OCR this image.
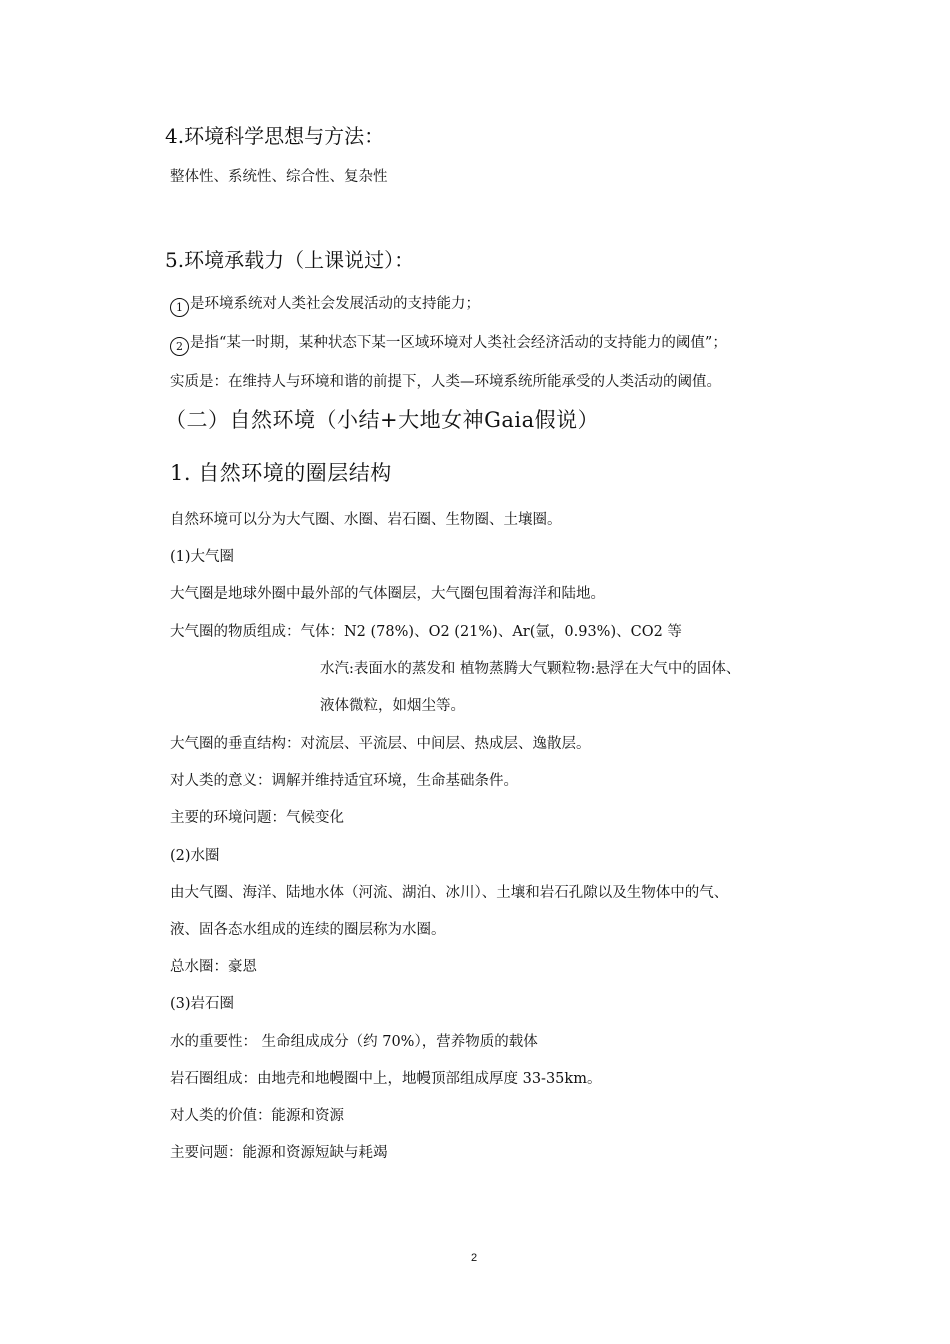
4.环境科学思想与方法：
整体性、系统性、综合性、复杂性
5.环境承载力（上课说过）：
1 是环境系统对人类社会发展活动的支持能力；
2 是指“某一时期，某种状态下某一区域环境对人类社会经济活动的支持能力的阈值”；
实质是：在维持人与环境和谐的前提下，人类—环境系统所能承受的人类活动的阈值。
（二）自然环境（小结+大地女神Gaia假说）
1. 自然环境的圈层结构
自然环境可以分为大气圈、水圈、岩石圈、生物圈、土壤圈。
(1)大气圈
大气圈是地球外圈中最外部的气体圈层，大气圈包围着海洋和陆地。
大气圈的物质组成：气体：N2 (78%)、O2 (21%)、Ar(氩，0.93%)、CO2 等
水汽:表面水的蒸发和 植物蒸腾大气颗粒物:悬浮在大气中的固体、
液体微粒，如烟尘等。
大气圈的垂直结构：对流层、平流层、中间层、热成层、逸散层。
对人类的意义：调解并维持适宜环境，生命基础条件。
主要的环境问题：气候变化
(2)水圈
由大气圈、海洋、陆地水体（河流、湖泊、冰川）、土壤和岩石孔隙以及生物体中的气、
液、固各态水组成的连续的圈层称为水圈。
总水圈：豪恩
(3)岩石圈
水的重要性： 生命组成成分（约 70%），营养物质的载体
岩石圈组成：由地壳和地幔圈中上，地幔顶部组成厚度 33-35km。
对人类的价值：能源和资源
主要问题：能源和资源短缺与耗竭
2
